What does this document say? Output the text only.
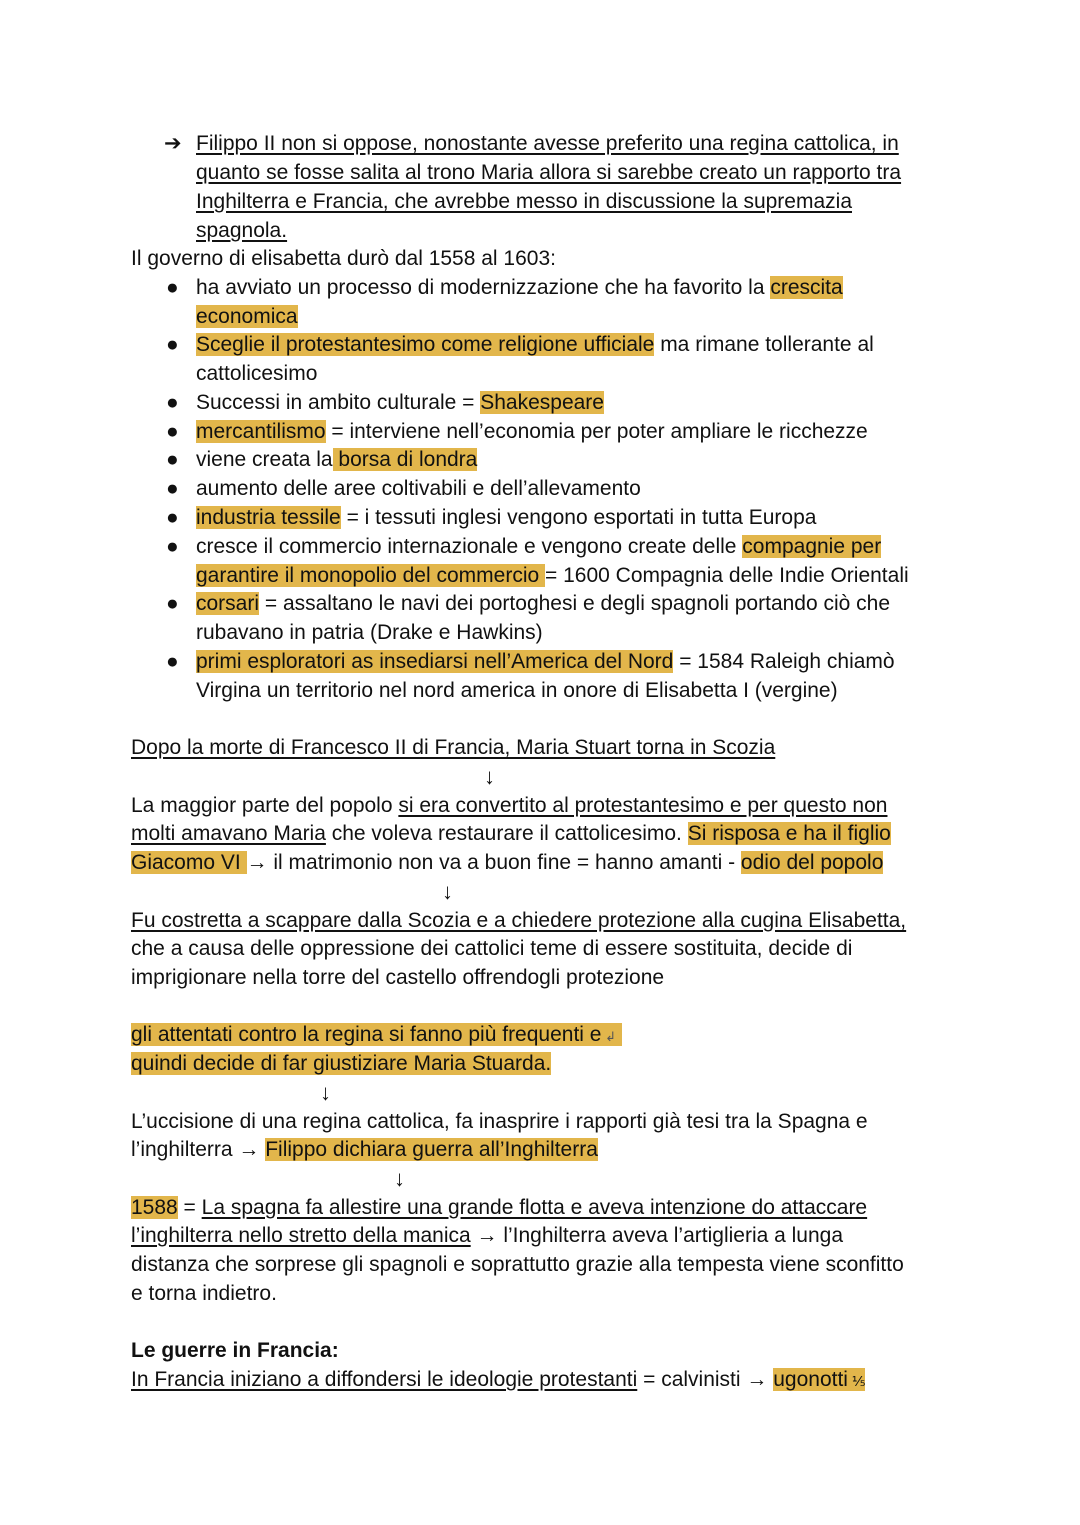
➔ Filippo II non si oppose, nonostante avesse preferito una regina cattolica, in
quanto se fosse salita al trono Maria allora si sarebbe creato un rapporto tra
Inghilterra e Francia, che avrebbe messo in discussione la supremazia
spagnola.
Il governo di elisabetta durò dal 1558 al 1603:
● ha avviato un processo di modernizzazione che ha favorito la crescita
economica
● Sceglie il protestantesimo come religione ufficiale ma rimane tollerante al
cattolicesimo
● Successi in ambito culturale = Shakespeare
● mercantilismo = interviene nell’economia per poter ampliare le ricchezze
● viene creata la borsa di londra
● aumento delle aree coltivabili e dell’allevamento
● industria tessile = i tessuti inglesi vengono esportati in tutta Europa
● cresce il commercio internazionale e vengono create delle compagnie per
garantire il monopolio del commercio = 1600 Compagnia delle Indie Orientali
● corsari = assaltano le navi dei portoghesi e degli spagnoli portando ciò che
rubavano in patria (Drake e Hawkins)
● primi esploratori as insediarsi nell’America del Nord = 1584 Raleigh chiamò
Virgina un territorio nel nord america in onore di Elisabetta I (vergine)
Dopo la morte di Francesco II di Francia, Maria Stuart torna in Scozia
↓
La maggior parte del popolo si era convertito al protestantesimo e per questo non
molti amavano Maria che voleva restaurare il cattolicesimo. Si risposa e ha il figlio
Giacomo VI → il matrimonio non va a buon fine = hanno amanti - odio del popolo
↓
Fu costretta a scappare dalla Scozia e a chiedere protezione alla cugina Elisabetta,
che a causa delle oppressione dei cattolici teme di essere sostituita, decide di
imprigionare nella torre del castello offrendogli protezione
gli attentati contro la regina si fanno più frequenti e ↲
quindi decide di far giustiziare Maria Stuarda.
↓
L’uccisione di una regina cattolica, fa inasprire i rapporti già tesi tra la Spagna e
l’inghilterra → Filippo dichiara guerra all’Inghilterra
↓
1588 = La spagna fa allestire una grande flotta e aveva intenzione do attaccare
l’inghilterra nello stretto della manica → l’Inghilterra aveva l’artiglieria a lunga
distanza che sorprese gli spagnoli e soprattutto grazie alla tempesta viene sconfitto
e torna indietro.
Le guerre in Francia:
In Francia iniziano a diffondersi le ideologie protestanti = calvinisti → ugonotti ⅕
